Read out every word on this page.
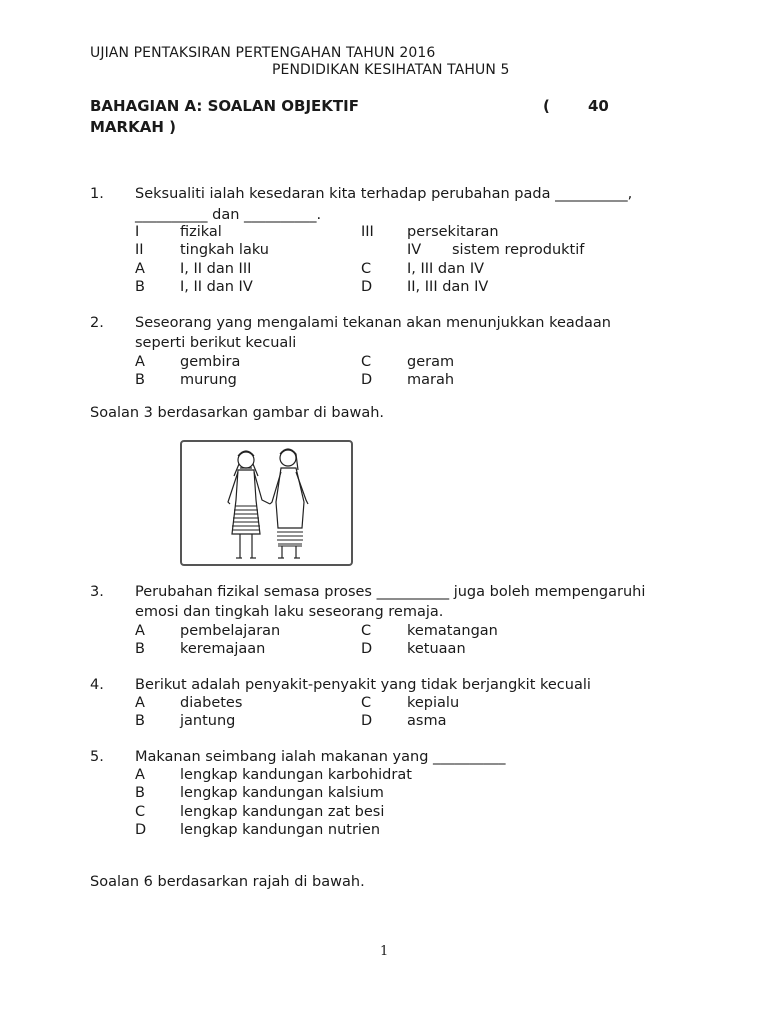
UJIAN PENTAKSIRAN PERTENGAHAN TAHUN 2016
PENDIDIKAN KESIHATAN TAHUN 5
BAHAGIAN A: SOALAN OBJEKTIF	(	40
MARKAH )
1. Seksualiti ialah kesedaran kita terhadap perubahan pada __________,
__________ dan __________.
I	fizikal	III persekitaran
II	tingkah laku	IV sistem reproduktif
A I, II dan III	C I, III dan IV
B I, II dan IV	D II, III dan IV
2. Seseorang yang mengalami tekanan akan menunjukkan keadaan
seperti berikut kecuali
A gembira	C geram
B murung	D marah
Soalan 3 berdasarkan gambar di bawah.
3. Perubahan fizikal semasa proses __________ juga boleh mempengaruhi
emosi dan tingkah laku seseorang remaja.
A pembelajaran	C kematangan
B keremajaan	D ketuaan
4. Berikut adalah penyakit-penyakit yang tidak berjangkit kecuali
A diabetes	C kepialu
B jantung	D asma
5. Makanan seimbang ialah makanan yang __________
A lengkap kandungan karbohidrat
B lengkap kandungan kalsium
C lengkap kandungan zat besi
D lengkap kandungan nutrien
Soalan 6 berdasarkan rajah di bawah.
1
